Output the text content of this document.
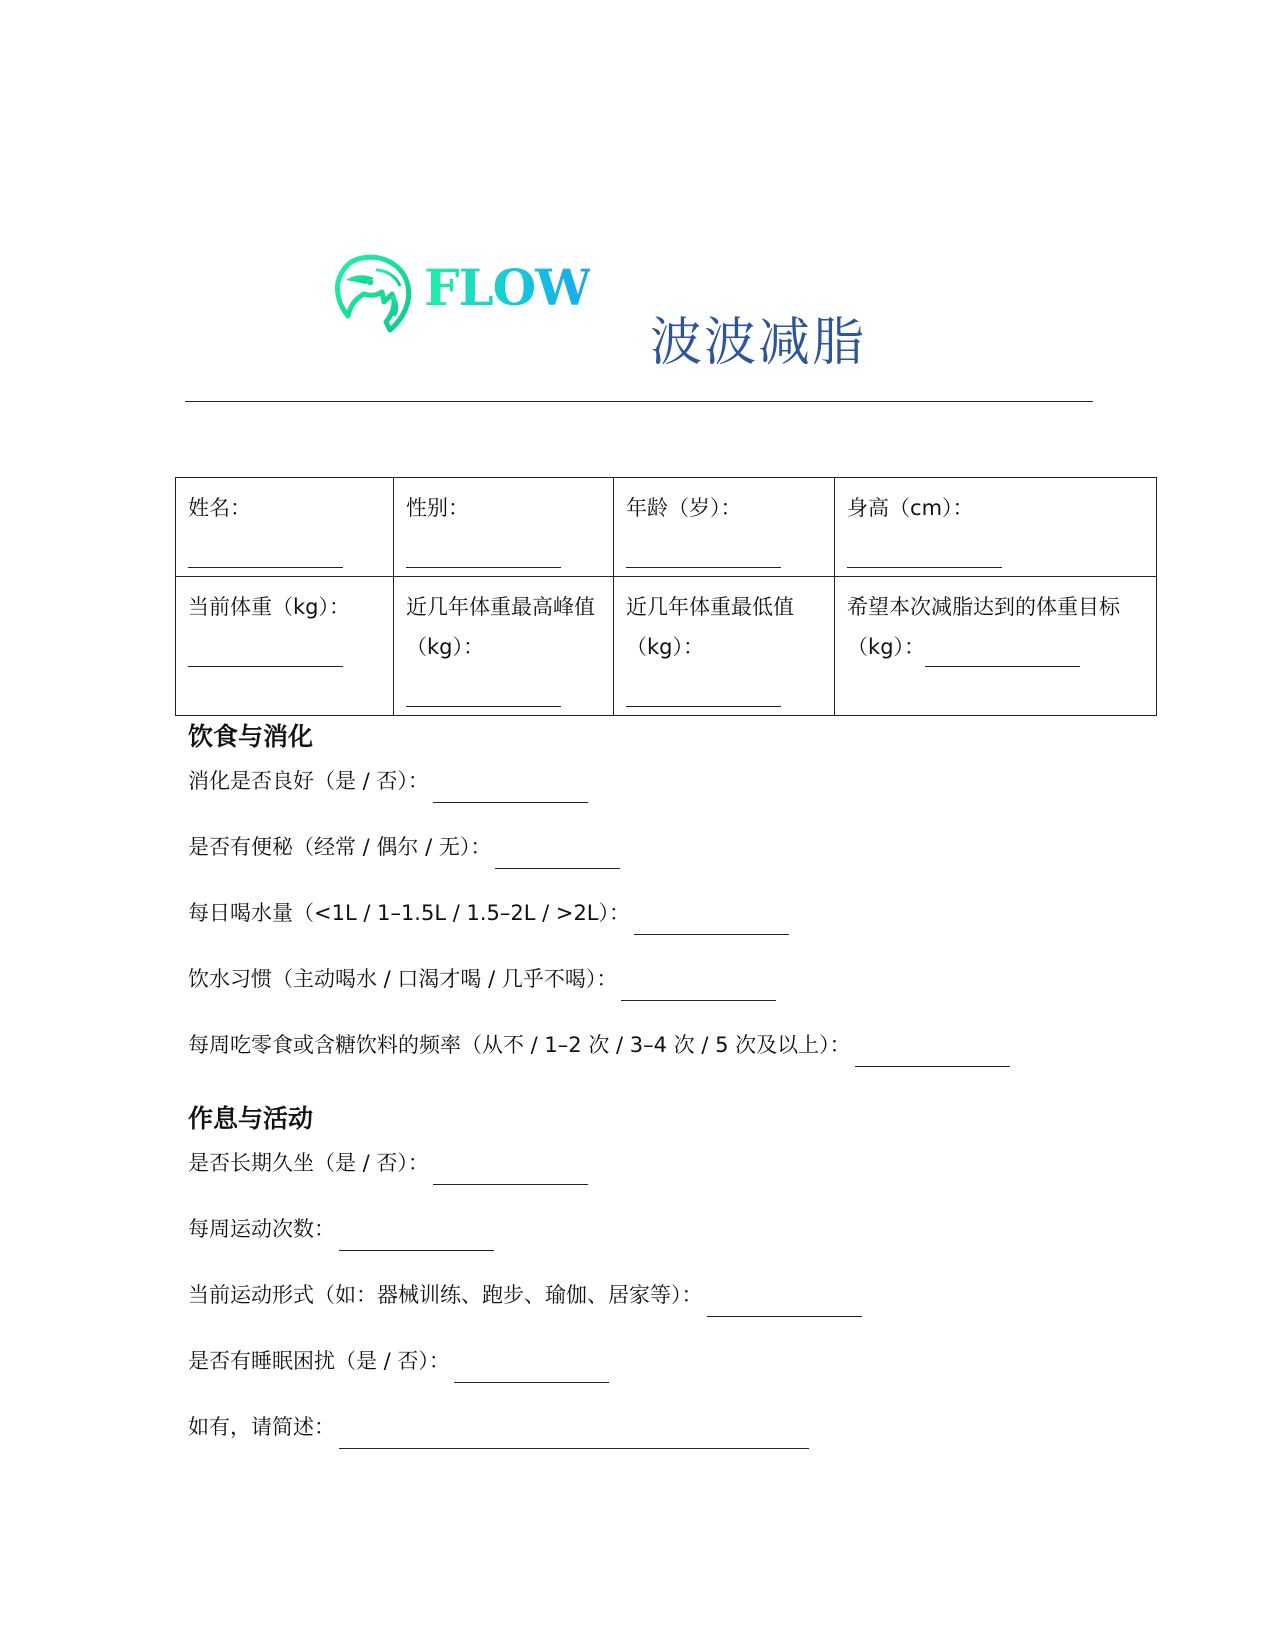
FLOW
波波减脂
姓名：	性别：	年龄（岁）：	身高（cm）：

当前体重（kg）：	近几年体重最高峰值（kg）：	近几年体重最低值（kg）：	希望本次减脂达到的体重目标（kg）：
饮食与消化
消化是否良好（是 / 否）：
是否有便秘（经常 / 偶尔 / 无）：
每日喝水量（<1L / 1–1.5L / 1.5–2L / >2L）：
饮水习惯（主动喝水 / 口渴才喝 / 几乎不喝）：
每周吃零食或含糖饮料的频率（从不 / 1–2 次 / 3–4 次 / 5 次及以上）：
作息与活动
是否长期久坐（是 / 否）：
每周运动次数：
当前运动形式（如：器械训练、跑步、瑜伽、居家等）：
是否有睡眠困扰（是 / 否）：
如有，请简述：
